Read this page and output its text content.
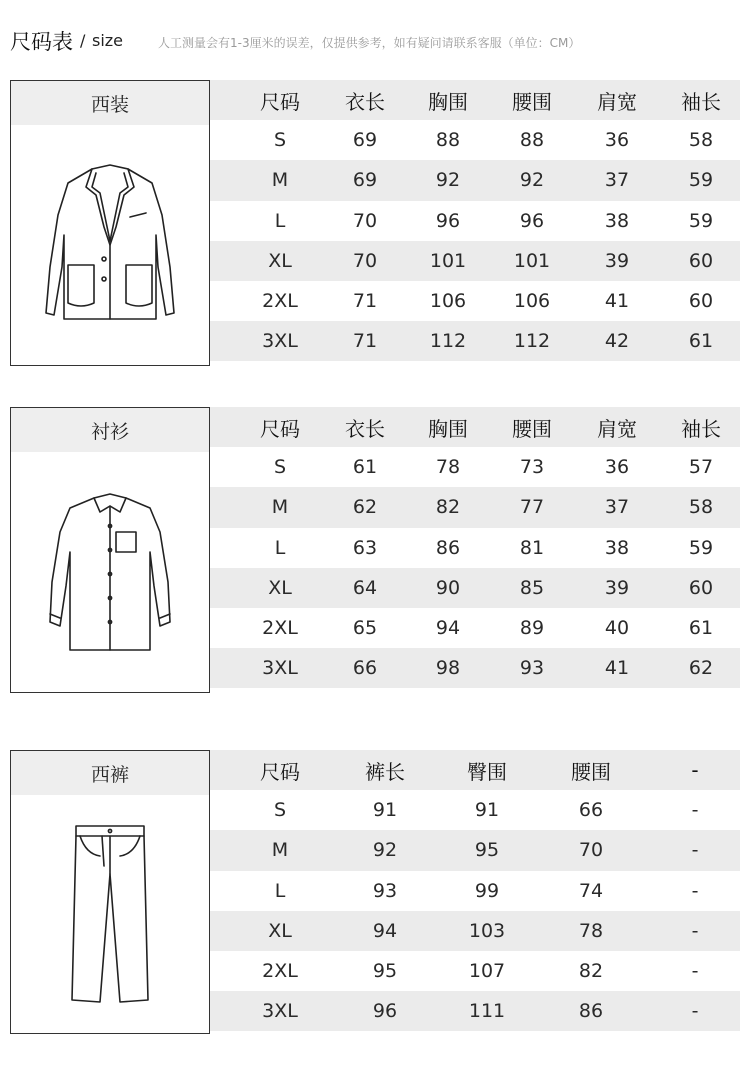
尺码表 / size	人工测量会有1-3厘米的误差，仅提供参考，如有疑问请联系客服（单位：CM）
西装	尺码	衣长	胸围	腰围	肩宽	袖长
S	69	88	88	36	58
M	69	92	92	37	59
L	70	96	96	38	59
XL	70	101	101	39	60
2XL	71	106	106	41	60
3XL	71	112	112	42	61
衬衫	尺码	衣长	胸围	腰围	肩宽	袖长
S	61	78	73	36	57
M	62	82	77	37	58
L	63	86	81	38	59
XL	64	90	85	39	60
2XL	65	94	89	40	61
3XL	66	98	93	41	62
西裤	尺码	裤长	臀围	腰围	-
S	91	91	66	-
M	92	95	70	-
L	93	99	74	-
XL	94	103	78	-
2XL	95	107	82	-
3XL	96	111	86	-
